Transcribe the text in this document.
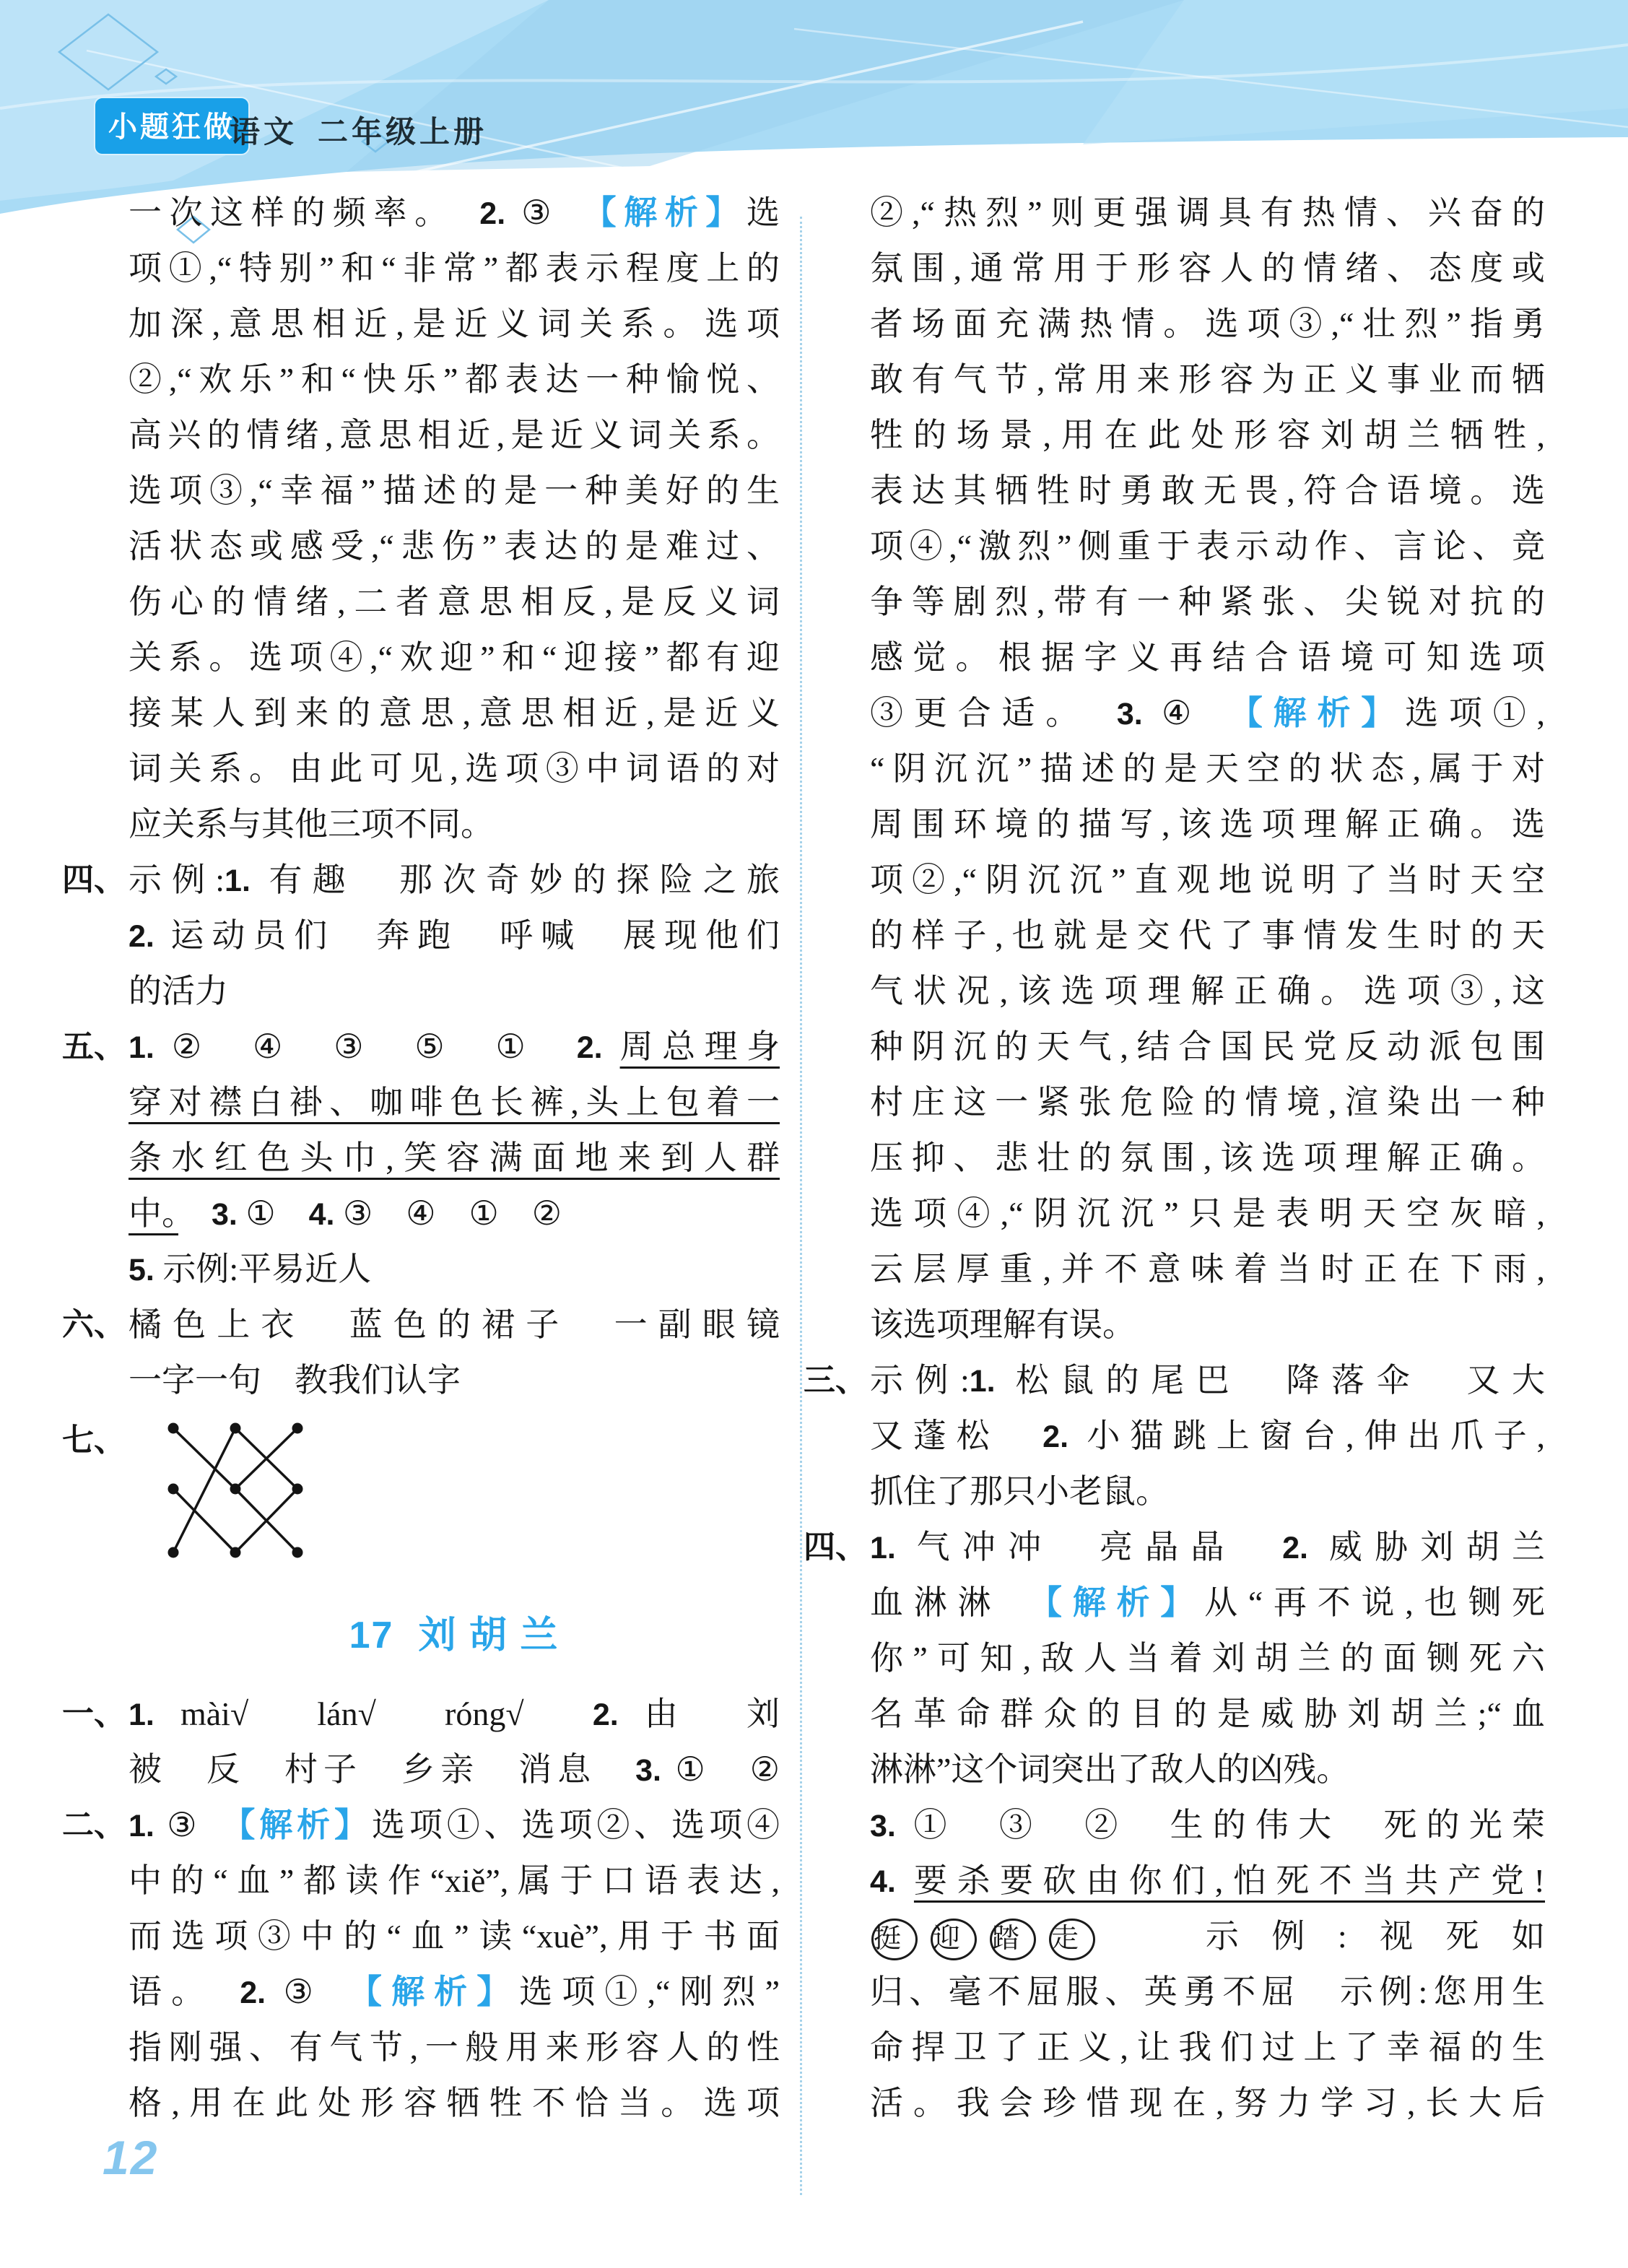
小题狂做
语文 二年级上册
一次这样的频率。　2. ③　【解析】选
项①,“特别”和“非常”都表示程度上的
加深,意思相近,是近义词关系。选项
②,“欢乐”和“快乐”都表达一种愉悦、
高兴的情绪,意思相近,是近义词关系。
选项③,“幸福”描述的是一种美好的生
活状态或感受,“悲伤”表达的是难过、
伤心的情绪,二者意思相反,是反义词
关系。选项④,“欢迎”和“迎接”都有迎
接某人到来的意思,意思相近,是近义
词关系。由此可见,选项③中词语的对
应关系与其他三项不同。
四、 示例:1. 有趣　那次奇妙的探险之旅
2. 运动员们　奔跑　呼喊　展现他们
的活力
五、 1. ②　④　③　⑤　①　2. 周总理身
穿对襟白褂、咖啡色长裤,头上包着一
条水红色头巾,笑容满面地来到人群
中。　 3. ①　4. ③　④　①　②
5. 示例:平易近人
六、 橘色上衣　蓝色的裙子　一副眼镜
一字一句　教我们认字
七、
17 刘 胡 兰
一、 1. mài√　lán√　róng√　2. 由　刘
被　反　村子　乡亲　消息　3. ①　②
二、 1. ③　【解析】选项①、选项②、选项④
中的“血”都读作“xiě”,属于口语表达,
而选项③中的“血”读“xuè”,用于书面
语。　2. ③　【解析】选项①,“刚烈”
指刚强、有气节,一般用来形容人的性
格,用在此处形容牺牲不恰当。选项
②,“热烈”则更强调具有热情、兴奋的
氛围,通常用于形容人的情绪、态度或
者场面充满热情。选项③,“壮烈”指勇
敢有气节,常用来形容为正义事业而牺
牲的场景,用在此处形容刘胡兰牺牲,
表达其牺牲时勇敢无畏,符合语境。选
项④,“激烈”侧重于表示动作、言论、竞
争等剧烈,带有一种紧张、尖锐对抗的
感觉。根据字义再结合语境可知选项
③更合适。　3. ④　【解析】选项①,
“阴沉沉”描述的是天空的状态,属于对
周围环境的描写,该选项理解正确。选
项②,“阴沉沉”直观地说明了当时天空
的样子,也就是交代了事情发生时的天
气状况,该选项理解正确。选项③,这
种阴沉的天气,结合国民党反动派包围
村庄这一紧张危险的情境,渲染出一种
压抑、悲壮的氛围,该选项理解正确。
选项④,“阴沉沉”只是表明天空灰暗,
云层厚重,并不意味着当时正在下雨,
该选项理解有误。
三、 示例:1. 松鼠的尾巴　降落伞　又大
又蓬松　2. 小猫跳上窗台,伸出爪子,
抓住了那只小老鼠。
四、 1. 气冲冲　亮晶晶　2. 威胁刘胡兰
血淋淋　【解析】从“再不说,也铡死
你”可知,敌人当着刘胡兰的面铡死六
名革命群众的目的是威胁刘胡兰;“血
淋淋”这个词突出了敌人的凶残。
3. ①　③　②　生的伟大　死的光荣
4. 要杀要砍由你们,怕死不当共产党!
挺 迎 踏 走　示例:视死如
归、毫不屈服、英勇不屈　示例:您用生
命捍卫了正义,让我们过上了幸福的生
活。我会珍惜现在,努力学习,长大后
12
